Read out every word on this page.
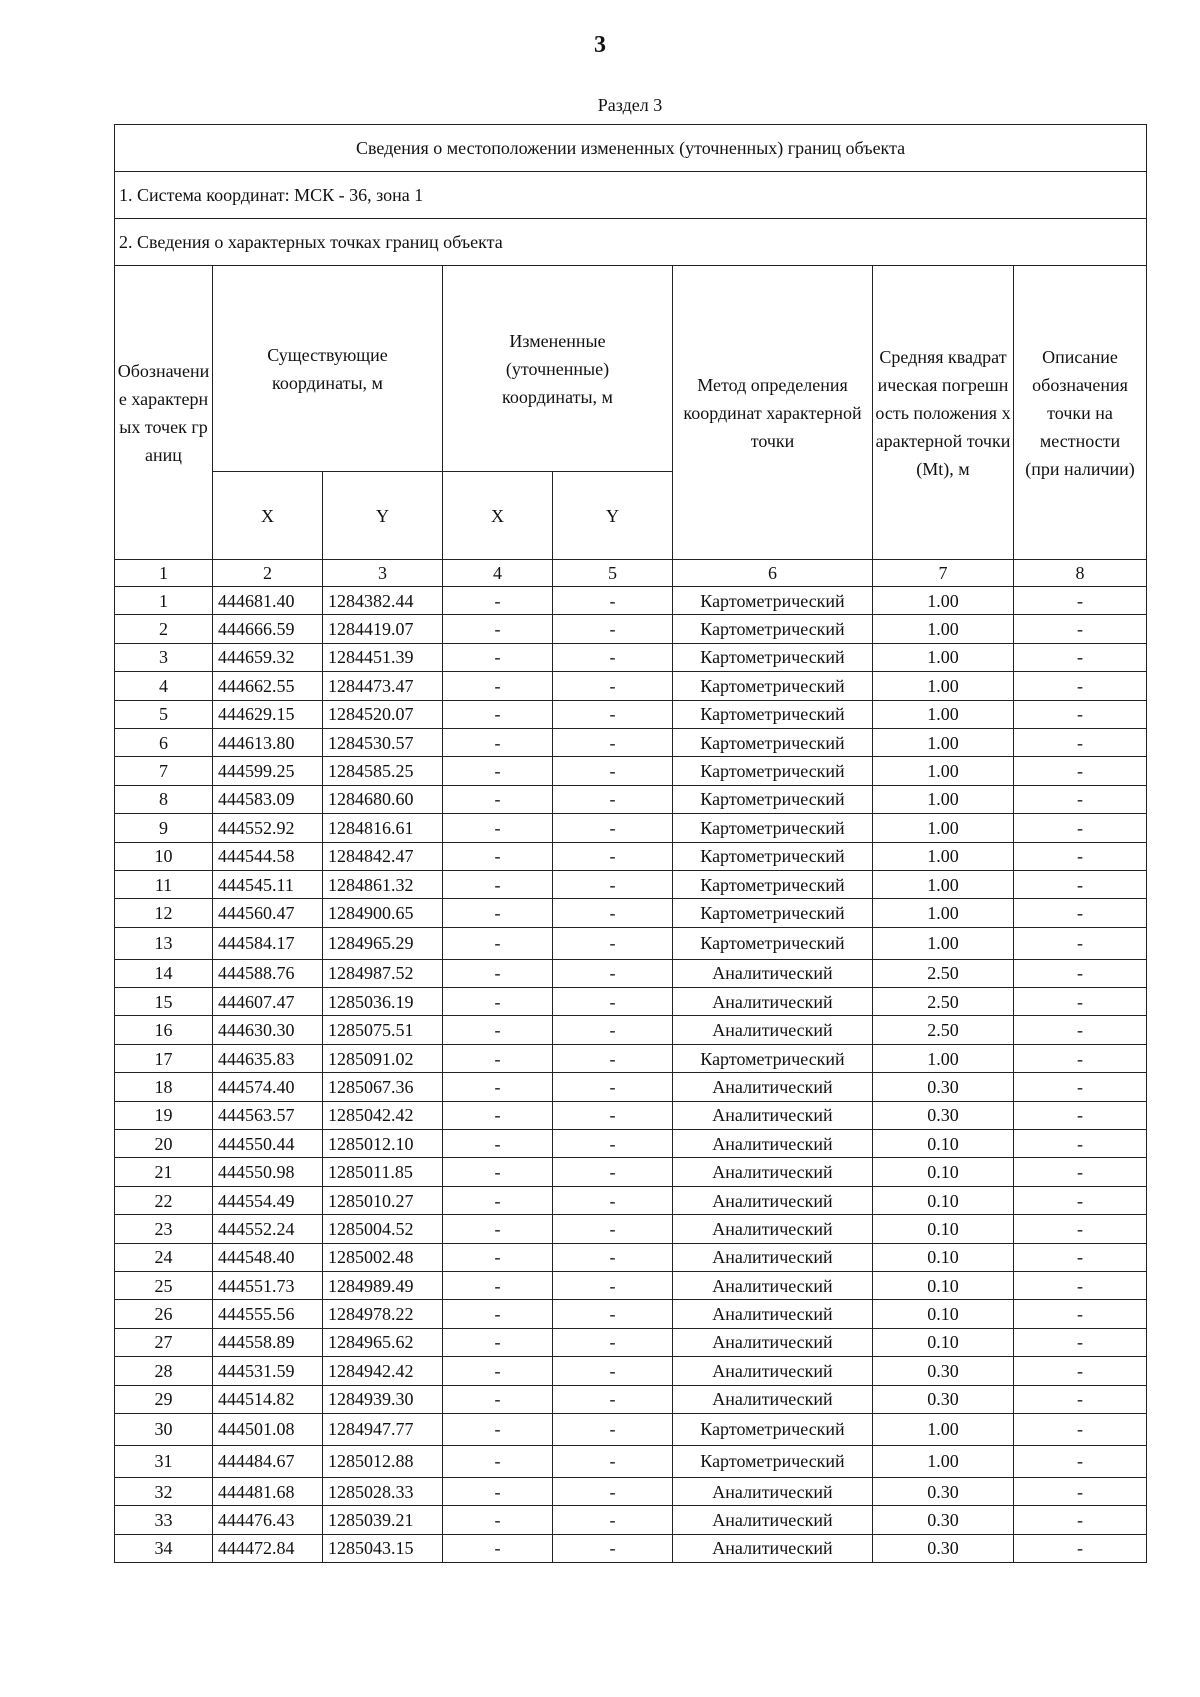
3
Раздел 3
Сведения о местоположении измененных (уточненных) границ объекта							
1. Система координат: МСК - 36, зона 1							
2. Сведения о характерных точках границ объекта							
Обозначение характерных точек границ	Существующие координаты, м		Измененные (уточненные) координаты, м		Метод определения координат характерной точки	Средняя квадратическая погрешность положения характерной точки (Mt), м	Описание обозначения точки на местности (при наличии)
	X	Y	X	Y			
1	2	3	4	5	6	7	8
1	444681.40	1284382.44	-	-	Картометрический	1.00	-
2	444666.59	1284419.07	-	-	Картометрический	1.00	-
3	444659.32	1284451.39	-	-	Картометрический	1.00	-
4	444662.55	1284473.47	-	-	Картометрический	1.00	-
5	444629.15	1284520.07	-	-	Картометрический	1.00	-
6	444613.80	1284530.57	-	-	Картометрический	1.00	-
7	444599.25	1284585.25	-	-	Картометрический	1.00	-
8	444583.09	1284680.60	-	-	Картометрический	1.00	-
9	444552.92	1284816.61	-	-	Картометрический	1.00	-
10	444544.58	1284842.47	-	-	Картометрический	1.00	-
11	444545.11	1284861.32	-	-	Картометрический	1.00	-
12	444560.47	1284900.65	-	-	Картометрический	1.00	-
13	444584.17	1284965.29	-	-	Картометрический	1.00	-
14	444588.76	1284987.52	-	-	Аналитический	2.50	-
15	444607.47	1285036.19	-	-	Аналитический	2.50	-
16	444630.30	1285075.51	-	-	Аналитический	2.50	-
17	444635.83	1285091.02	-	-	Картометрический	1.00	-
18	444574.40	1285067.36	-	-	Аналитический	0.30	-
19	444563.57	1285042.42	-	-	Аналитический	0.30	-
20	444550.44	1285012.10	-	-	Аналитический	0.10	-
21	444550.98	1285011.85	-	-	Аналитический	0.10	-
22	444554.49	1285010.27	-	-	Аналитический	0.10	-
23	444552.24	1285004.52	-	-	Аналитический	0.10	-
24	444548.40	1285002.48	-	-	Аналитический	0.10	-
25	444551.73	1284989.49	-	-	Аналитический	0.10	-
26	444555.56	1284978.22	-	-	Аналитический	0.10	-
27	444558.89	1284965.62	-	-	Аналитический	0.10	-
28	444531.59	1284942.42	-	-	Аналитический	0.30	-
29	444514.82	1284939.30	-	-	Аналитический	0.30	-
30	444501.08	1284947.77	-	-	Картометрический	1.00	-
31	444484.67	1285012.88	-	-	Картометрический	1.00	-
32	444481.68	1285028.33	-	-	Аналитический	0.30	-
33	444476.43	1285039.21	-	-	Аналитический	0.30	-
34	444472.84	1285043.15	-	-	Аналитический	0.30	-
